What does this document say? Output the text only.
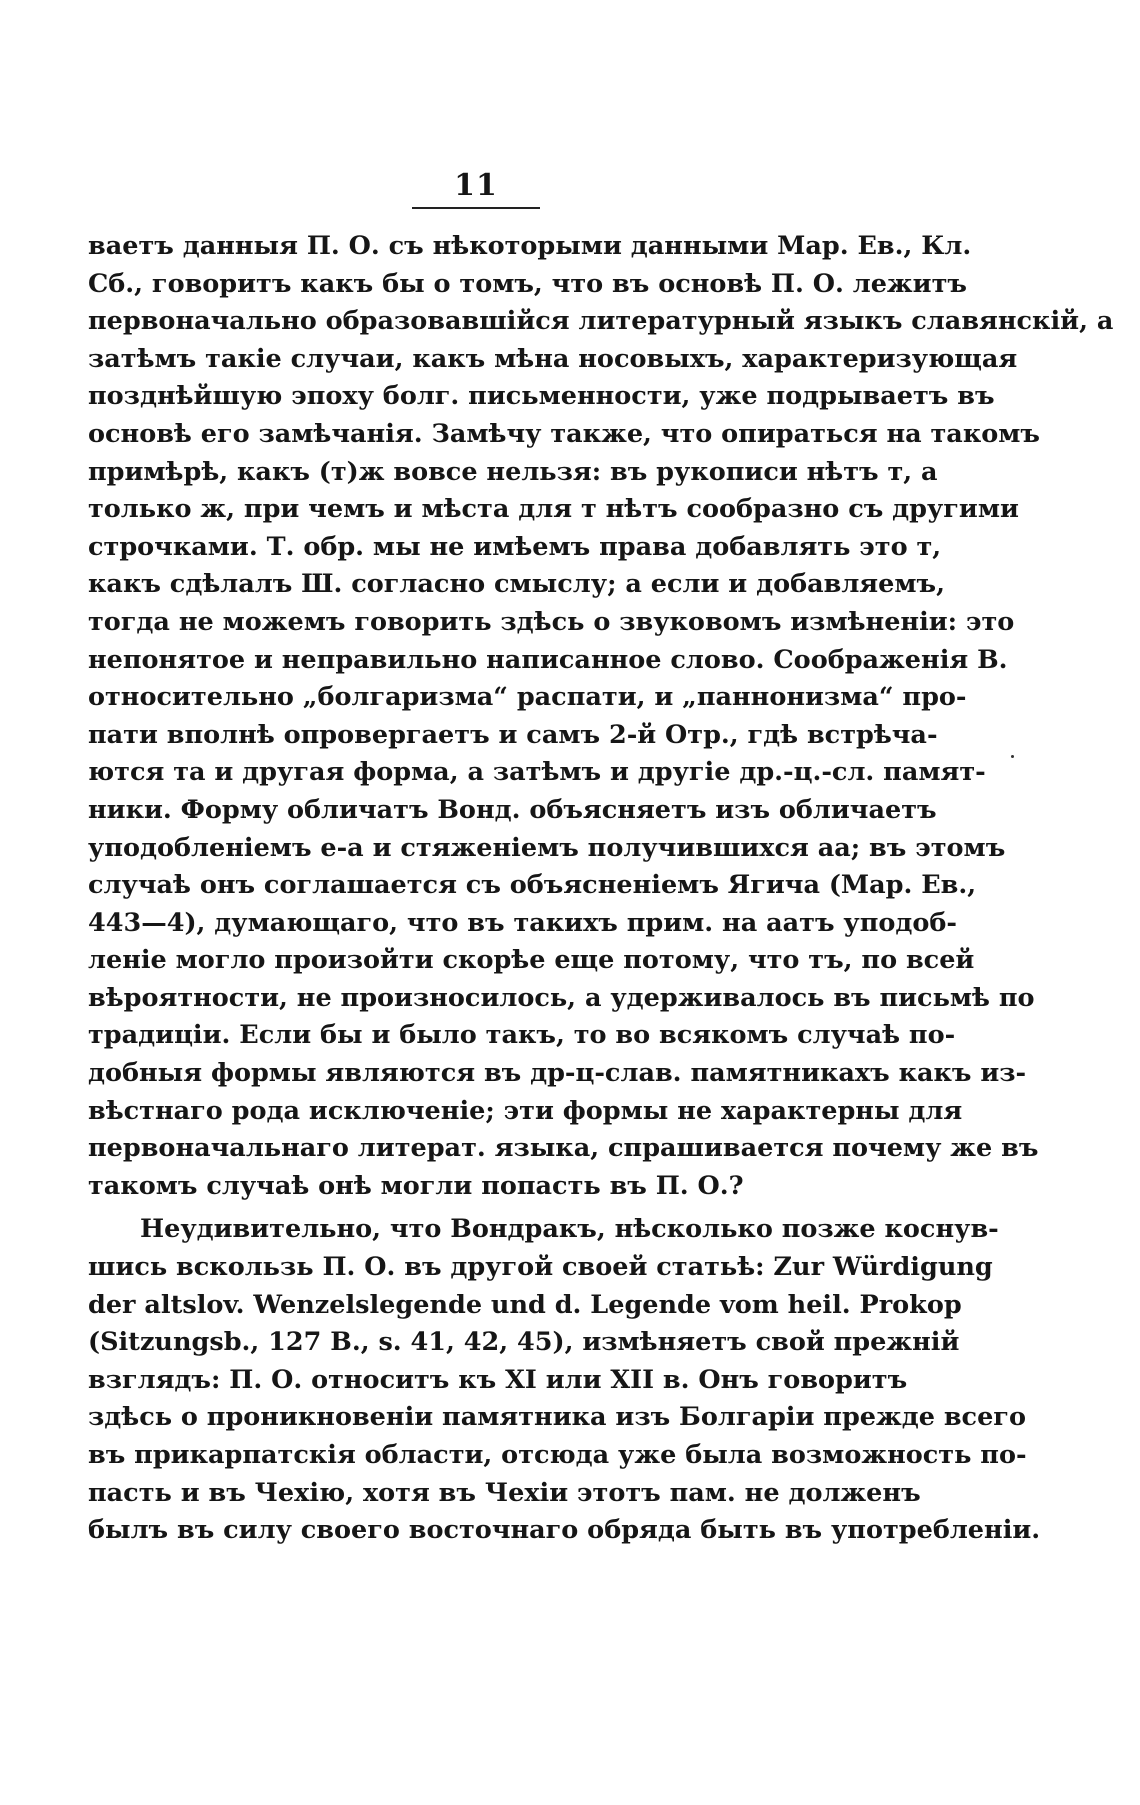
11
ваетъ данныя П. О. съ нѣкоторыми данными Мар. Ев., Кл.
Сб., говоритъ какъ бы о томъ, что въ основѣ П. О. лежитъ
первоначально образовавшійся литературный языкъ славянскій, а
затѣмъ такіе случаи, какъ мѣна носовыхъ, характеризующая
позднѣйшую эпоху болг. письменности, уже подрываетъ въ
основѣ его замѣчанія. Замѣчу также, что опираться на такомъ
примѣрѣ, какъ (т)ж вовсе нельзя: въ рукописи нѣтъ т, а
только ж, при чемъ и мѣста для т нѣтъ сообразно съ другими
строчками. Т. обр. мы не имѣемъ права добавлять это т,
какъ сдѣлалъ Ш. согласно смыслу; а если и добавляемъ,
тогда не можемъ говорить здѣсь о звуковомъ измѣненіи: это
непонятое и неправильно написанное слово. Соображенія В.
относительно „болгаризма“ распати, и „паннонизма“ про-
пати вполнѣ опровергаетъ и самъ 2-й Отр., гдѣ встрѣча-
ются та и другая форма, а затѣмъ и другіе др.-ц.-сл. памят-
ники. Форму обличатъ Вонд. объясняетъ изъ обличаетъ
уподобленіемъ е-а и стяженіемъ получившихся аа; въ этомъ
случаѣ онъ соглашается съ объясненіемъ Ягича (Мар. Ев.,
443—4), думающаго, что въ такихъ прим. на аатъ уподоб-
леніе могло произойти скорѣе еще потому, что тъ, по всей
вѣроятности, не произносилось, а удерживалось въ письмѣ по
традиціи. Если бы и было такъ, то во всякомъ случаѣ по-
добныя формы являются въ др-ц-слав. памятникахъ какъ из-
вѣстнаго рода исключеніе; эти формы не характерны для
первоначальнаго литерат. языка, спрашивается почему же въ
такомъ случаѣ онѣ могли попасть въ П. О.?
Неудивительно, что Вондракъ, нѣсколько позже коснув-
шись вскользь П. О. въ другой своей статьѣ: Zur Würdigung
der altslov. Wenzelslegende und d. Legende vom heil. Prokop
(Sitzungsb., 127 B., s. 41, 42, 45), измѣняетъ свой прежній
взглядъ: П. О. относитъ къ XI или XII в. Онъ говоритъ
здѣсь о проникновеніи памятника изъ Болгаріи прежде всего
въ прикарпатскія области, отсюда уже была возможность по-
пасть и въ Чехію, хотя въ Чехіи этотъ пам. не долженъ
былъ въ силу своего восточнаго обряда быть въ употребленіи.
